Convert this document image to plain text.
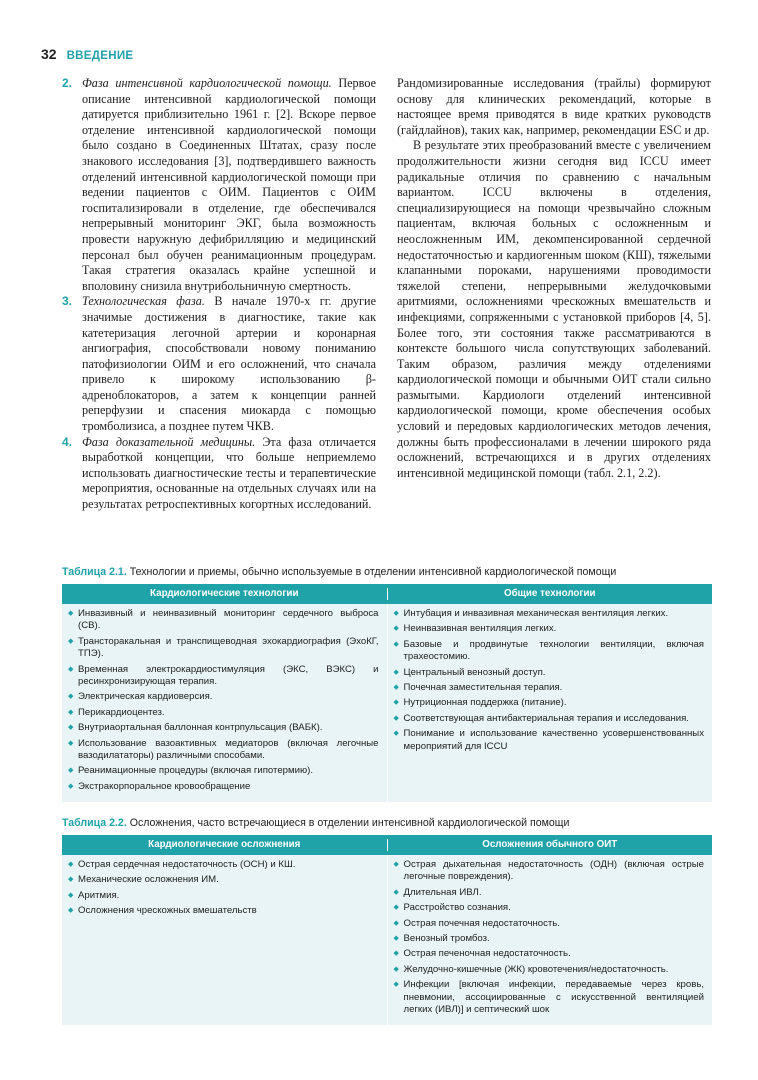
32 ВВЕДЕНИЕ
2. Фаза интенсивной кардиологической помощи. Первое описание интенсивной кардиологической помощи датируется приблизительно 1961 г. [2]. Вскоре первое отделение интенсивной кардиологической помощи было создано в Соединенных Штатах, сразу после знакового исследования [3], подтвердившего важность отделений интенсивной кардиологической помощи при ведении пациентов с ОИМ. Пациентов с ОИМ госпитализировали в отделение, где обеспечивался непрерывный мониторинг ЭКГ, была возможность провести наружную дефибрилляцию и медицинский персонал был обучен реанимационным процедурам. Такая стратегия оказалась крайне успешной и вполовину снизила внутрибольничную смертность.

3. Технологическая фаза. В начале 1970-х гг. другие значимые достижения в диагностике, такие как катетеризация легочной артерии и коронарная ангиография, способствовали новому пониманию патофизиологии ОИМ и его осложнений, что сначала привело к широкому использованию β-адреноблокаторов, а затем к концепции ранней реперфузии и спасения миокарда с помощью тромболизиса, а позднее путем ЧКВ.

4. Фаза доказательной медицины. Эта фаза отличается выработкой концепции, что больше неприемлемо использовать диагностические тесты и терапевтические мероприятия, основанные на отдельных случаях или на результатах ретроспективных когортных исследований.

Рандомизированные исследования (трайлы) формируют основу для клинических рекомендаций, которые в настоящее время приводятся в виде кратких руководств (гайдлайнов), таких как, например, рекомендации ESC и др.

В результате этих преобразований вместе с увеличением продолжительности жизни сегодня вид ICCU имеет радикальные отличия по сравнению с начальным вариантом. ICCU включены в отделения, специализирующиеся на помощи чрезвычайно сложным пациентам, включая больных с осложненным и неосложненным ИМ, декомпенсированной сердечной недостаточностью и кардиогенным шоком (КШ), тяжелыми клапанными пороками, нарушениями проводимости тяжелой степени, непрерывными желудочковыми аритмиями, осложнениями чрескожных вмешательств и инфекциями, сопряженными с установкой приборов [4, 5]. Более того, эти состояния также рассматриваются в контексте большого числа сопутствующих заболеваний. Таким образом, различия между отделениями кардиологической помощи и обычными ОИТ стали сильно размытыми. Кардиологи отделений интенсивной кардиологической помощи, кроме обеспечения особых условий и передовых кардиологических методов лечения, должны быть профессионалами в лечении широкого ряда осложнений, встречающихся и в других отделениях интенсивной медицинской помощи (табл. 2.1, 2.2).

Таблица 2.1. Технологии и приемы, обычно используемые в отделении интенсивной кардиологической помощи
Кардиологические технологии	Общие технологии
◆ Инвазивный и неинвазивный мониторинг сердечного выброса (СВ).
◆ Трансторакальная и транспищеводная эхокардиография (ЭхоКГ, ТПЭ).
◆ Временная электрокардиостимуляция (ЭКС, ВЭКС) и ресинхронизирующая терапия.
◆ Электрическая кардиоверсия.
◆ Перикардиоцентез.
◆ Внутриаортальная баллонная контрпульсация (ВАБК).
◆ Использование вазоактивных медиаторов (включая легочные вазодилататоры) различными способами.
◆ Реанимационные процедуры (включая гипотермию).
◆ Экстракорпоральное кровообращение
◆ Интубация и инвазивная механическая вентиляция легких.
◆ Неинвазивная вентиляция легких.
◆ Базовые и продвинутые технологии вентиляции, включая трахеостомию.
◆ Центральный венозный доступ.
◆ Почечная заместительная терапия.
◆ Нутриционная поддержка (питание).
◆ Соответствующая антибактериальная терапия и исследования.
◆ Понимание и использование качественно усовершенствованных мероприятий для ICCU
Таблица 2.2. Осложнения, часто встречающиеся в отделении интенсивной кардиологической помощи
Кардиологические осложнения	Осложнения обычного ОИТ
◆ Острая сердечная недостаточность (ОСН) и КШ.
◆ Механические осложнения ИМ.
◆ Аритмия.
◆ Осложнения чрескожных вмешательств
◆ Острая дыхательная недостаточность (ОДН) (включая острые легочные повреждения).
◆ Длительная ИВЛ.
◆ Расстройство сознания.
◆ Острая почечная недостаточность.
◆ Венозный тромбоз.
◆ Острая печеночная недостаточность.
◆ Желудочно-кишечные (ЖК) кровотечения/недостаточность.
◆ Инфекции [включая инфекции, передаваемые через кровь, пневмонии, ассоциированные с искусственной вентиляцией легких (ИВЛ)] и септический шок
